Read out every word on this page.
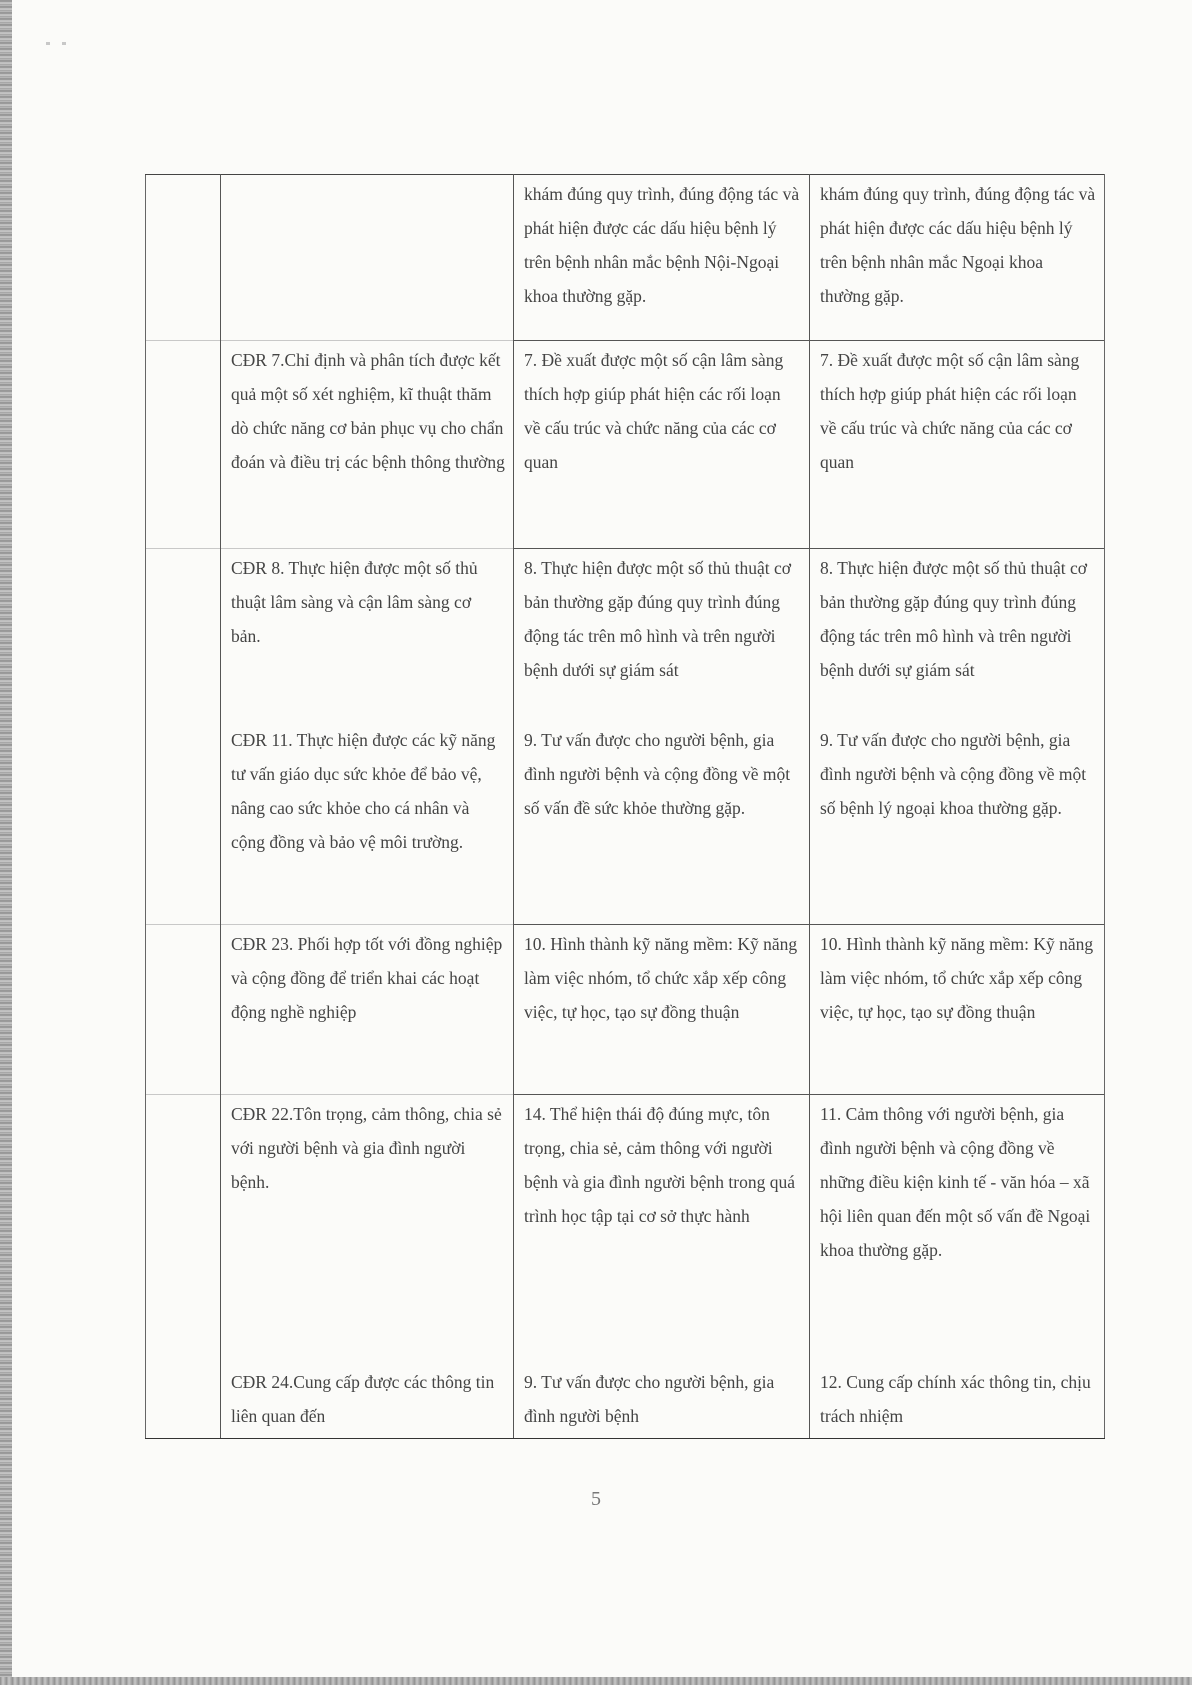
		khám đúng quy trình, đúng động tác và phát hiện được các dấu hiệu bệnh lý trên bệnh nhân mắc bệnh Nội-Ngoại khoa thường gặp.	khám đúng quy trình, đúng động tác và phát hiện được các dấu hiệu bệnh lý trên bệnh nhân mắc Ngoại khoa thường gặp.
	CĐR 7.Chỉ định và phân tích được kết quả một số xét nghiệm, kĩ thuật thăm dò chức năng cơ bản phục vụ cho chẩn đoán và điều trị các bệnh thông thường	7. Đề xuất được một số cận lâm sàng thích hợp giúp phát hiện các rối loạn về cấu trúc và chức năng của các cơ quan	7. Đề xuất được một số cận lâm sàng thích hợp giúp phát hiện các rối loạn về cấu trúc và chức năng của các cơ quan
	CĐR 8. Thực hiện được một số thủ thuật lâm sàng và cận lâm sàng cơ bản.	8. Thực hiện được một số thủ thuật cơ bản thường gặp đúng quy trình đúng động tác trên mô hình và trên người bệnh dưới sự giám sát	8. Thực hiện được một số thủ thuật cơ bản thường gặp đúng quy trình đúng động tác trên mô hình và trên người bệnh dưới sự giám sát
	CĐR 11. Thực hiện được các kỹ năng tư vấn giáo dục sức khỏe để bảo vệ, nâng cao sức khỏe cho cá nhân và cộng đồng và bảo vệ môi trường.	9. Tư vấn được cho người bệnh, gia đình người bệnh và cộng đồng về một số vấn đề sức khỏe thường gặp.	9. Tư vấn được cho người bệnh, gia đình người bệnh và cộng đồng về một số bệnh lý ngoại khoa thường gặp.
	CĐR 23. Phối hợp tốt với đồng nghiệp và cộng đồng để triển khai các hoạt động nghề nghiệp	10. Hình thành kỹ năng mềm: Kỹ năng làm việc nhóm, tổ chức xắp xếp công việc, tự học, tạo sự đồng thuận	10. Hình thành kỹ năng mềm: Kỹ năng làm việc nhóm, tổ chức xắp xếp công việc, tự học, tạo sự đồng thuận
	CĐR 22.Tôn trọng, cảm thông, chia sẻ với người bệnh và gia đình người bệnh.	14. Thể hiện thái độ đúng mực, tôn trọng, chia sẻ, cảm thông với người bệnh và gia đình người bệnh trong quá trình học tập tại cơ sở thực hành	11. Cảm thông với người bệnh, gia đình người bệnh và cộng đồng về những điều kiện kinh tế - văn hóa – xã hội liên quan đến một số vấn đề Ngoại khoa thường gặp.
	CĐR 24.Cung cấp được các thông tin liên quan đến	9. Tư vấn được cho người bệnh, gia đình người bệnh	12. Cung cấp chính xác thông tin, chịu trách nhiệm
5
